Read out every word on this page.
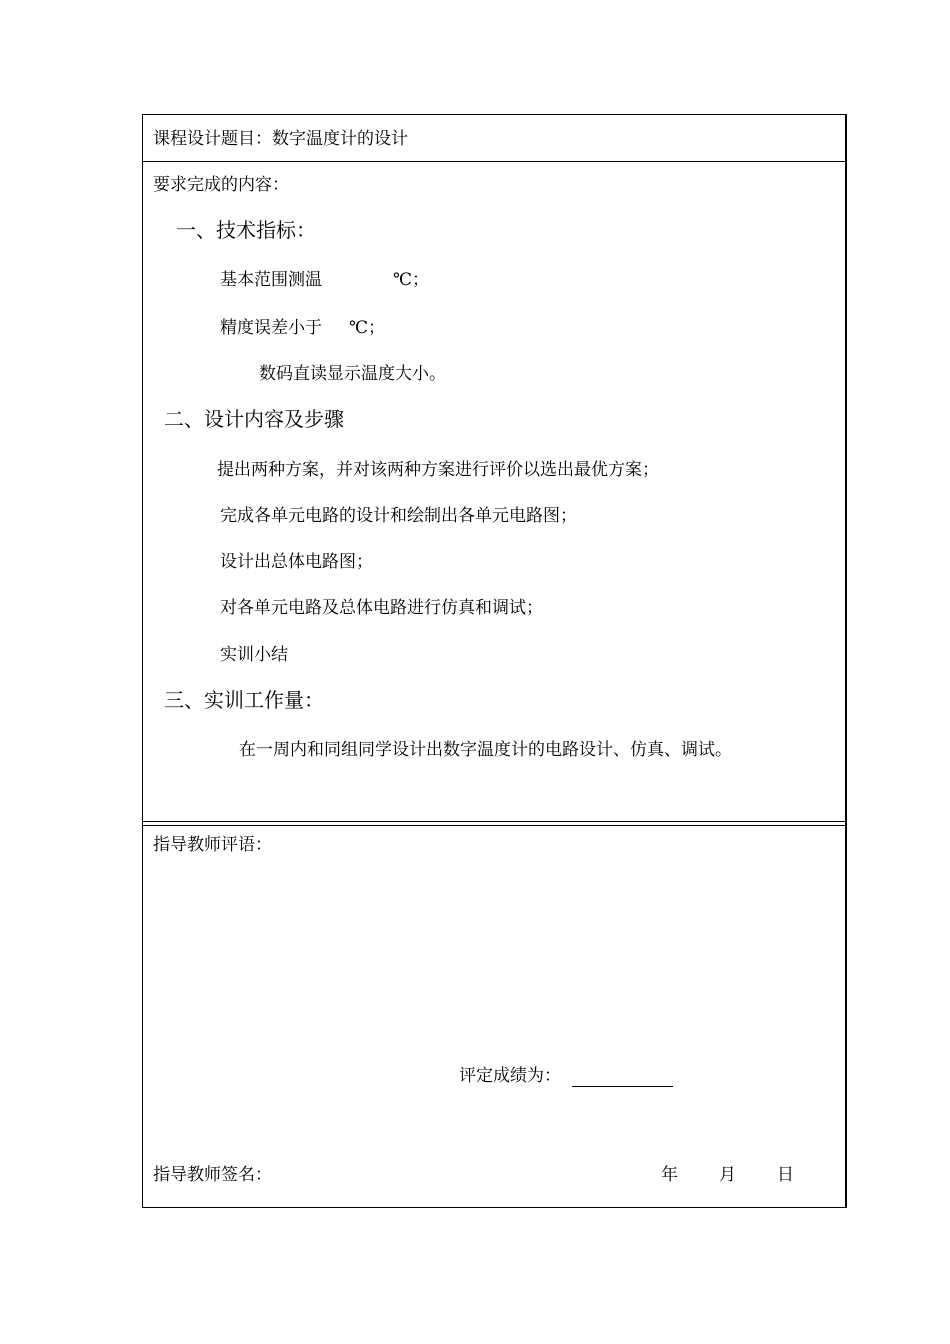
课程设计题目：数字温度计的设计
要求完成的内容：
一、技术指标：
基本范围测温	℃；
精度误差小于 ℃；
数码直读显示温度大小。
二、设计内容及步骤
提出两种方案，并对该两种方案进行评价以选出最优方案；
完成各单元电路的设计和绘制出各单元电路图；
设计出总体电路图；
对各单元电路及总体电路进行仿真和调试；
实训小结
三、实训工作量：
在一周内和同组同学设计出数字温度计的电路设计、仿真、调试。
指导教师评语：
评定成绩为：
指导教师签名：	年 月 日
